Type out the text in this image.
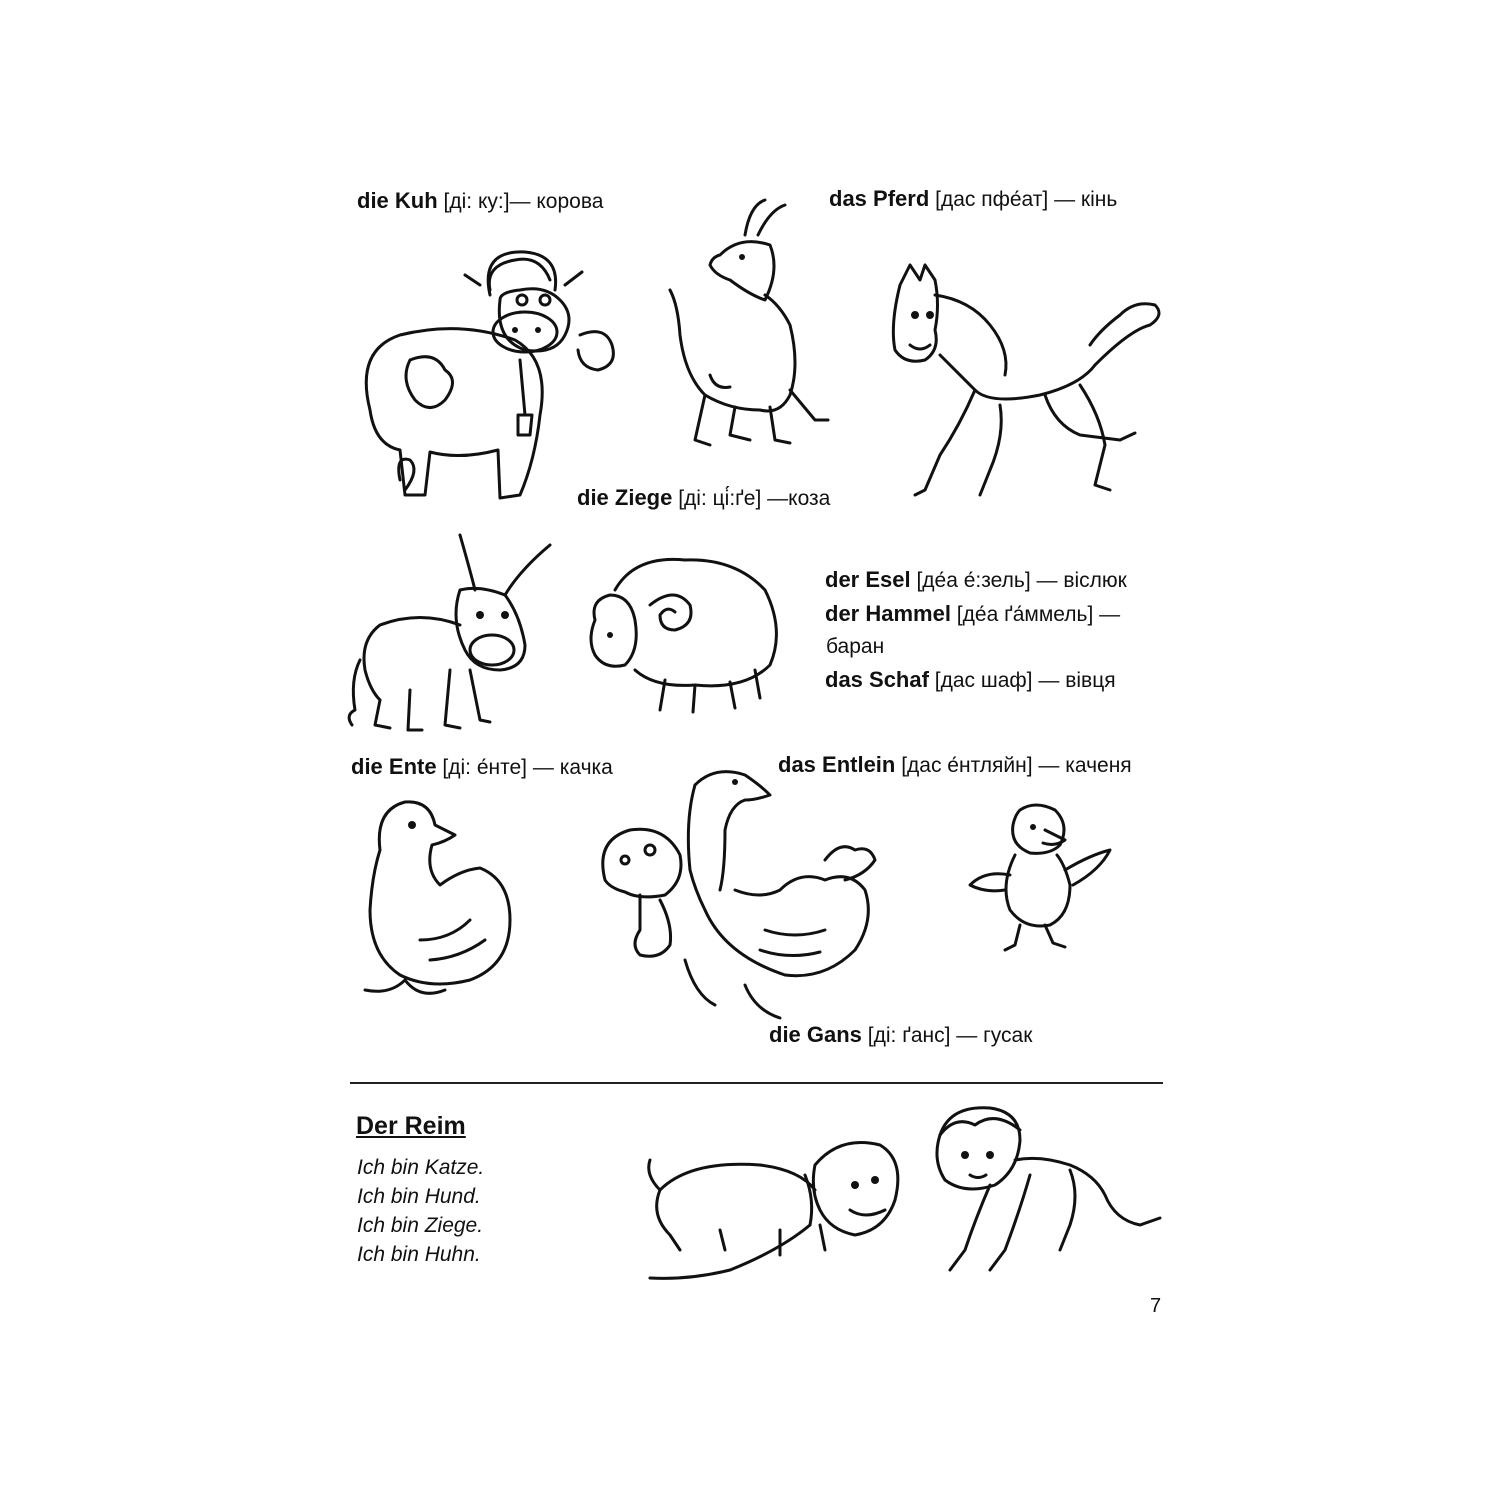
die Kuh [ді: ку:]— корова	das Pferd [дас пфе́ат] — кінь
die Ziege [ді: ці́:ґе] —коза
der Esel [де́а е́:зель] — віслюк
der Hammel [де́а ґа́ммель] —
баран
das Schaf [дас шаф] — вівця
die Ente [ді: е́нте] — качка	das Entlein [дас е́нтляйн] — каченя
die Gans [ді: ґанс] — гусак
Der Reim
Ich bin Katze.
Ich bin Hund.
Ich bin Ziege.
Ich bin Huhn.
7
